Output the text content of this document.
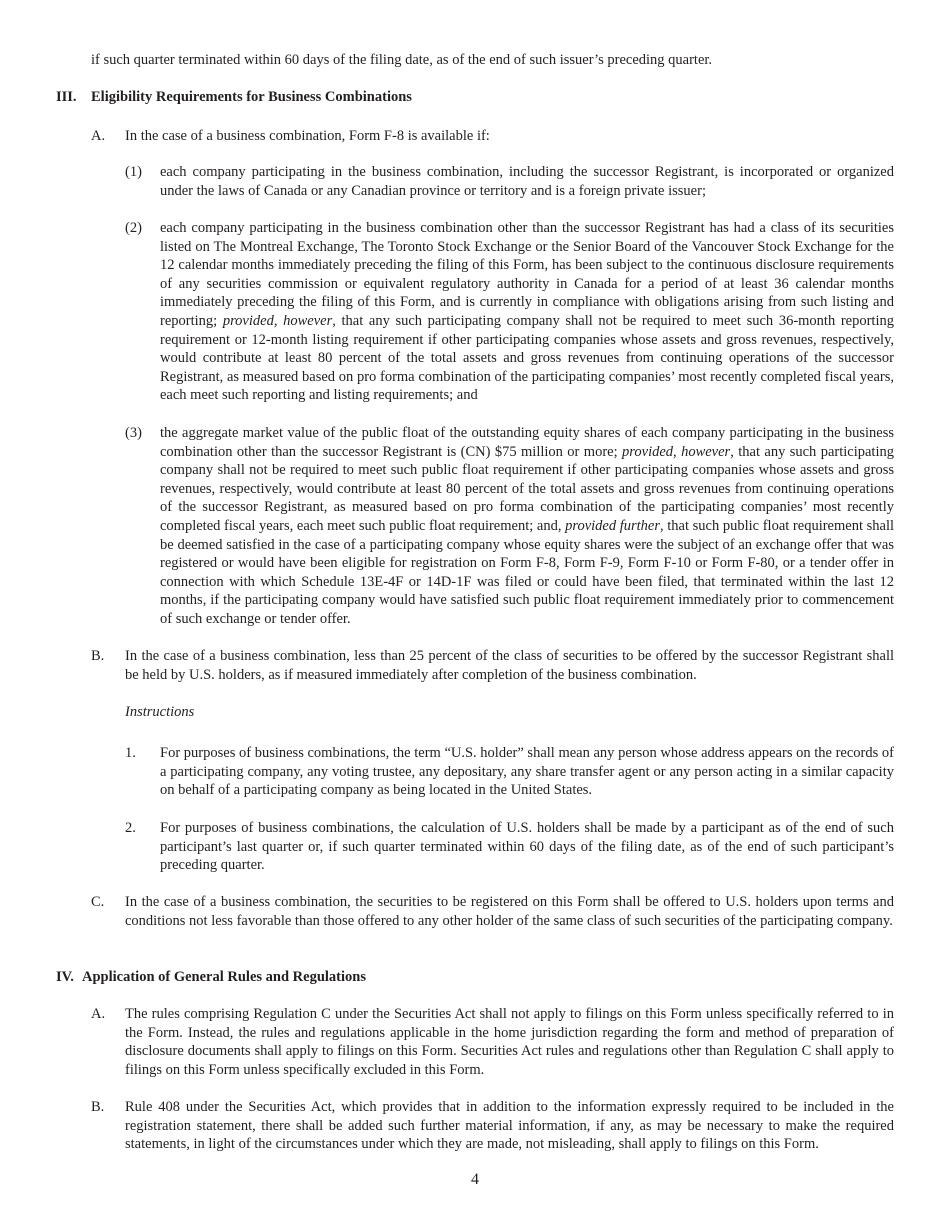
if such quarter terminated within 60 days of the filing date, as of the end of such issuer’s preceding quarter.
III. Eligibility Requirements for Business Combinations
A. In the case of a business combination, Form F-8 is available if:
(1) each company participating in the business combination, including the successor Registrant, is incorporated or organized under the laws of Canada or any Canadian province or territory and is a foreign private issuer;
(2) each company participating in the business combination other than the successor Registrant has had a class of its securities listed on The Montreal Exchange, The Toronto Stock Exchange or the Senior Board of the Vancouver Stock Exchange for the 12 calendar months immediately preceding the filing of this Form, has been subject to the continuous disclosure requirements of any securities commission or equivalent regulatory authority in Canada for a period of at least 36 calendar months immediately preceding the filing of this Form, and is currently in compliance with obligations arising from such listing and reporting; provided, however, that any such participating company shall not be required to meet such 36-month reporting requirement or 12-month listing requirement if other participating companies whose assets and gross revenues, respectively, would contribute at least 80 percent of the total assets and gross revenues from continuing operations of the successor Registrant, as measured based on pro forma combination of the participating companies’ most recently completed fiscal years, each meet such reporting and listing requirements; and
(3) the aggregate market value of the public float of the outstanding equity shares of each company participating in the business combination other than the successor Registrant is (CN) $75 million or more; provided, however, that any such participating company shall not be required to meet such public float requirement if other participating companies whose assets and gross revenues, respectively, would contribute at least 80 percent of the total assets and gross revenues from continuing operations of the successor Registrant, as measured based on pro forma combination of the participating companies’ most recently completed fiscal years, each meet such public float requirement; and, provided further, that such public float requirement shall be deemed satisfied in the case of a participating company whose equity shares were the subject of an exchange offer that was registered or would have been eligible for registration on Form F-8, Form F-9, Form F-10 or Form F-80, or a tender offer in connection with which Schedule 13E-4F or 14D-1F was filed or could have been filed, that terminated within the last 12 months, if the participating company would have satisfied such public float requirement immediately prior to commencement of such exchange or tender offer.
B. In the case of a business combination, less than 25 percent of the class of securities to be offered by the successor Registrant shall be held by U.S. holders, as if measured immediately after completion of the business combination.
Instructions
1. For purposes of business combinations, the term “U.S. holder” shall mean any person whose address appears on the records of a participating company, any voting trustee, any depositary, any share transfer agent or any person acting in a similar capacity on behalf of a participating company as being located in the United States.
2. For purposes of business combinations, the calculation of U.S. holders shall be made by a participant as of the end of such participant’s last quarter or, if such quarter terminated within 60 days of the filing date, as of the end of such participant’s preceding quarter.
C. In the case of a business combination, the securities to be registered on this Form shall be offered to U.S. holders upon terms and conditions not less favorable than those offered to any other holder of the same class of such securities of the participating company.
IV. Application of General Rules and Regulations
A. The rules comprising Regulation C under the Securities Act shall not apply to filings on this Form unless specifically referred to in the Form. Instead, the rules and regulations applicable in the home jurisdiction regarding the form and method of preparation of disclosure documents shall apply to filings on this Form. Securities Act rules and regulations other than Regulation C shall apply to filings on this Form unless specifically excluded in this Form.
B. Rule 408 under the Securities Act, which provides that in addition to the information expressly required to be included in the registration statement, there shall be added such further material information, if any, as may be necessary to make the required statements, in light of the circumstances under which they are made, not misleading, shall apply to filings on this Form.
4
